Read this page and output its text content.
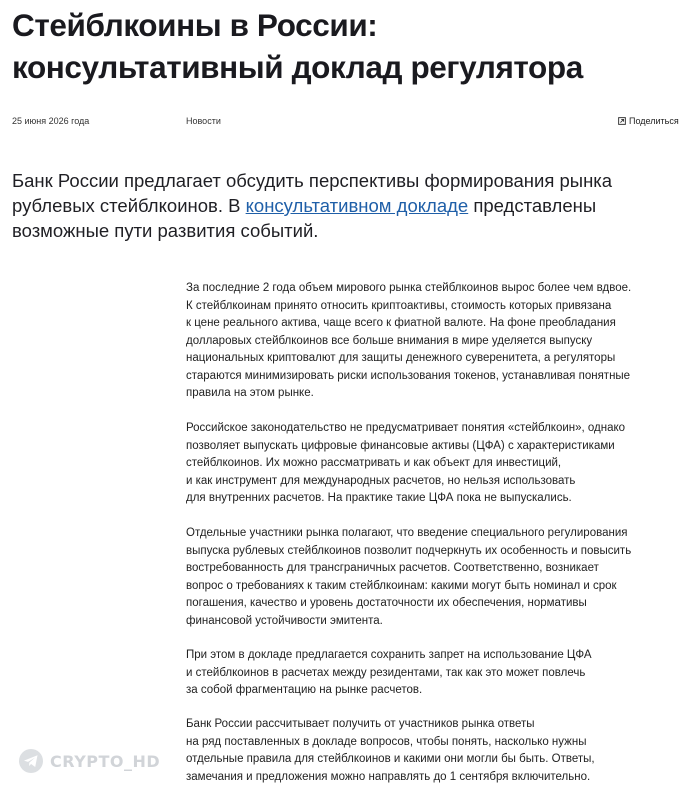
Стейблкоины в России:
консультативный доклад регулятора
25 июня 2026 года	Новости	Поделиться

Банк России предлагает обсудить перспективы формирования рынка рублевых стейблкоинов. В консультативном докладе представлены возможные пути развития событий.

За последние 2 года объем мирового рынка стейблкоинов вырос более чем вдвое.
К стейблкоинам принято относить криптоактивы, стоимость которых привязана
к цене реального актива, чаще всего к фиатной валюте. На фоне преобладания
долларовых стейблкоинов все больше внимания в мире уделяется выпуску
национальных криптовалют для защиты денежного суверенитета, а регуляторы
стараются минимизировать риски использования токенов, устанавливая понятные
правила на этом рынке.

Российское законодательство не предусматривает понятия «стейблкоин», однако
позволяет выпускать цифровые финансовые активы (ЦФА) с характеристиками
стейблкоинов. Их можно рассматривать и как объект для инвестиций,
и как инструмент для международных расчетов, но нельзя использовать
для внутренних расчетов. На практике такие ЦФА пока не выпускались.

Отдельные участники рынка полагают, что введение специального регулирования
выпуска рублевых стейблкоинов позволит подчеркнуть их особенность и повысить
востребованность для трансграничных расчетов. Соответственно, возникает
вопрос о требованиях к таким стейблкоинам: какими могут быть номинал и срок
погашения, качество и уровень достаточности их обеспечения, нормативы
финансовой устойчивости эмитента.

При этом в докладе предлагается сохранить запрет на использование ЦФА
и стейблкоинов в расчетах между резидентами, так как это может повлечь
за собой фрагментацию на рынке расчетов.

Банк России рассчитывает получить от участников рынка ответы
на ряд поставленных в докладе вопросов, чтобы понять, насколько нужны
отдельные правила для стейблкоинов и какими они могли бы быть. Ответы,
замечания и предложения можно направлять до 1 сентября включительно.

CRYPTO_HD
